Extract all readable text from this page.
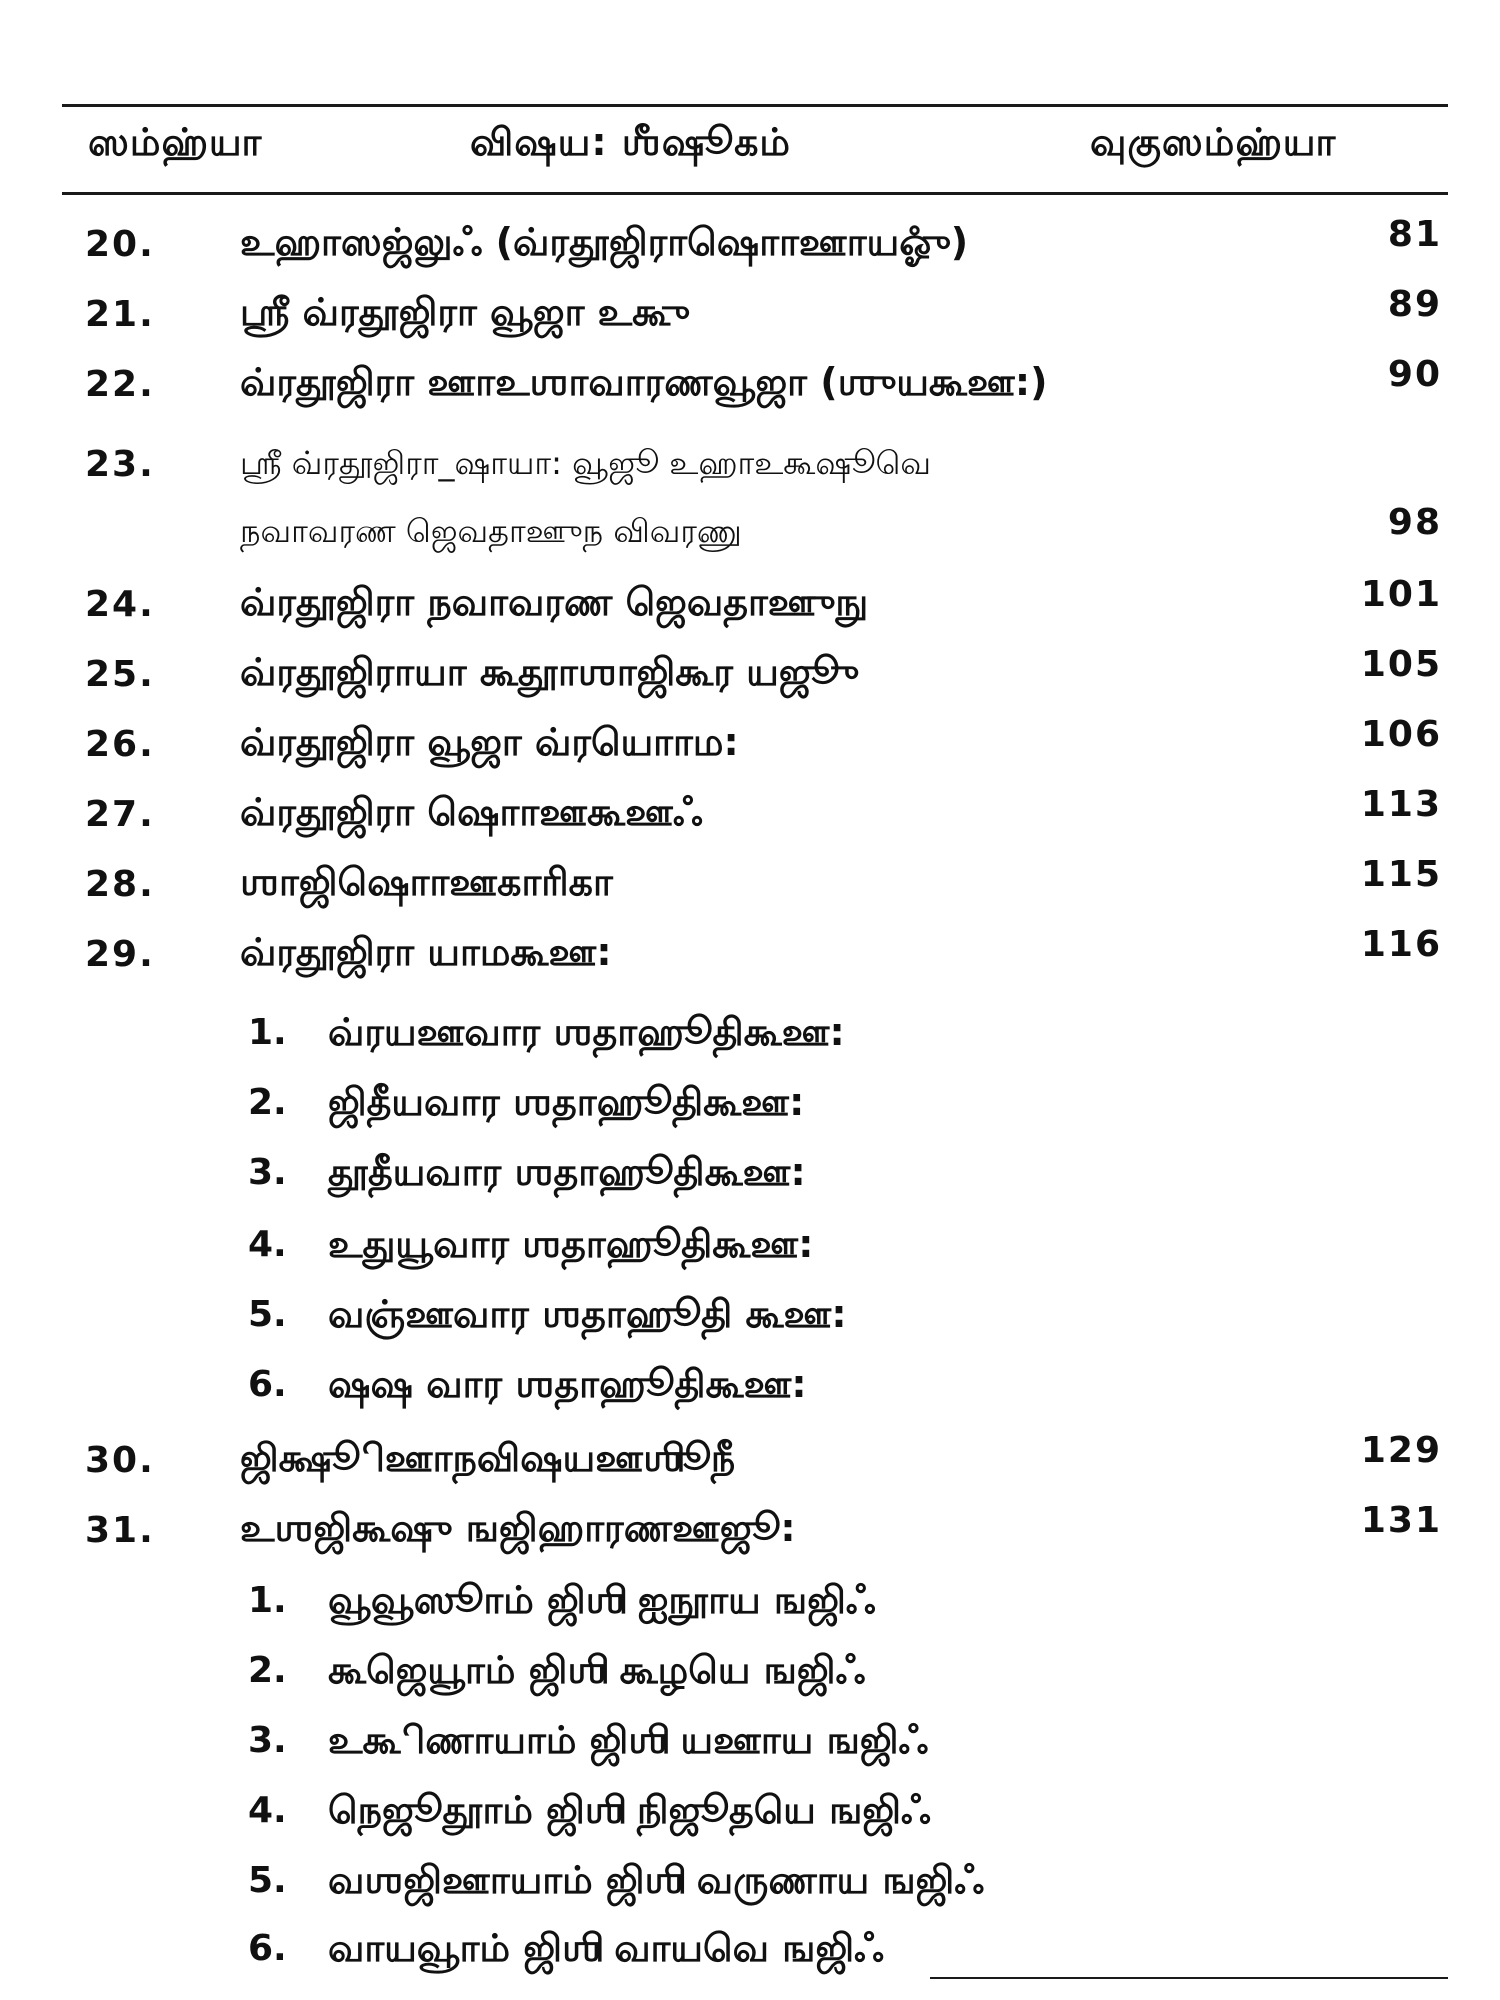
ஸம்ஹ்யா	விஷய: ஶீஷூகம்	வுகுஸம்ஹ்யா
20. உஹாஸஜ்லுஃ (வ்ரதூஜிராஷொாஊாயஓுஂ)	81
21. ஸ்ரீ வ்ரதூஜிரா வூஜா உகூு	89
22. வ்ரதூஜிரா ஊாஉஶாவாரணவூஜா (ஶுயகூஊ:)	90
23.	ஸ்ரீ வ்ரதூஜிரா_ஷாயா: வூஜூ உஹாஉகூஷூவெ
நவாவரண ஜெவதாஊுந விவரணு	98
24. வ்ரதூஜிரா நவாவரண ஜெவதாஊுநு	101
25. வ்ரதூஜிராயா கூதூாஶாஜிகூர யஜூு	105
26. வ்ரதூஜிரா வூஜா வ்ரயொாம:	106
27. வ்ரதூஜிரா ஷொாஊகூஊஃ	113
28. ஶாஜிஷொாஊகாரிகா	115
29. வ்ரதூஜிரா யாமகூஊ:	116
1. வ்ரயஊவார ஶதாஹூதிகூஊ:
2. ஜிதீயவார ஶதாஹூதிகூஊ:
3. தூதீயவார ஶதாஹூதிகூஊ:
4. உதுயூவார ஶதாஹூதிகூஊ:
5. வஞ்ஊவார ஶதாஹூதி கூஊ:
6. ஷஷ வார ஶதாஹூதிகூஊ:
30. ஜிக்ஷூிஊாநவிஷயஊஶிூநீ	129
31. உஶஜிகூஷு ஙஜிஹாரணஊஜூ:	131
1. வூவூஸூாம் ஜிஶி ஐநூாய ஙஜிஃ
2. கூஜெயூாம் ஜிஶி கூழயெ ஙஜிஃ
3. உகூிணாயாம் ஜிஶி யஊாய ஙஜிஃ
4. நெஜூதூாம் ஜிஶி நிஜூதயெ ஙஜிஃ
5. வஶஜிஊாயாம் ஜிஶி வருணாய ஙஜிஃ
6. வாயவூாம் ஜிஶி வாயவெ ஙஜிஃ
